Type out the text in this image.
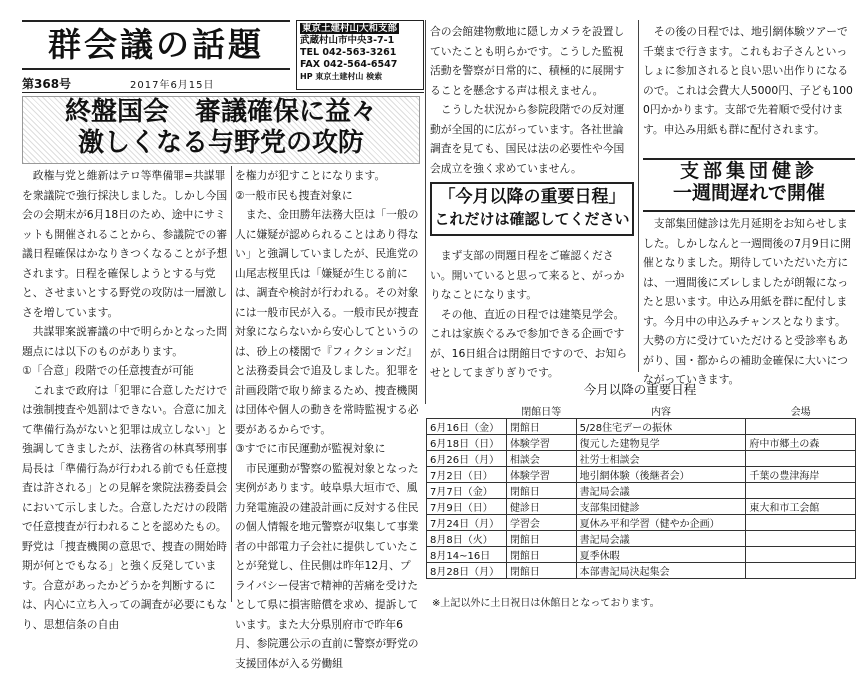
群会議の話題	東京土建村山大和支部
武蔵村山市中央3-7-1
TEL 042-563-3261
FAX 042-564-6547
HP 東京土建村山 検索
第368号	2017年6月15日
終盤国会　審議確保に益々
激しくなる与野党の攻防
　政権与党と維新はテロ等準備罪=共謀罪を衆議院で強行採決しました。しかし今国会の会期末が6月18日のため、途中にサミットも開催されることから、参議院での審議日程確保はかなりきつくなることが予想されます。日程を確保しようとする与党と、させまいとする野党の攻防は一層激しさを増しています。
　共謀罪案説審議の中で明らかとなった問題点には以下のものがあります。
①「合意」段階での任意捜査が可能
　これまで政府は「犯罪に合意しただけでは強制捜査や処罰はできない。合意に加えて準備行為がないと犯罪は成立しない」と強調してきましたが、法務省の林真琴刑事局長は「準備行為が行われる前でも任意捜査は許される」との見解を衆院法務委員会において示しました。合意しただけの段階で任意捜査が行われることを認めたもの。野党は「捜査機関の意思で、捜査の開始時期が何とでもなる」と強く反発しています。合意があったかどうかを判断するには、内心に立ち入っての調査が必要にもなり、思想信条の自由
を権力が犯すことになります。
②一般市民も捜査対象に
　また、金田勝年法務大臣は「一般の人に嫌疑が認められることはあり得ない」と強調していましたが、民進党の山尾志桜里氏は「嫌疑が生じる前には、調査や検討が行われる。その対象には一般市民が入る。一般市民が捜査対象にならないから安心してというのは、砂上の楼閣で『フィクションだ』と法務委員会で追及しました。犯罪を計画段階で取り締まるため、捜査機関は団体や個人の動きを常時監視する必要があるからです。
③すでに市民運動が監視対象に
　市民運動が警察の監視対象となった実例があります。岐阜県大垣市で、風力発電施設の建設計画に反対する住民の個人情報を地元警察が収集して事業者の中部電力子会社に提供していたことが発覚し、住民側は昨年12月、プライバシー侵害で精神的苦痛を受けたとして県に損害賠償を求め、提訴しています。また大分県別府市で昨年6月、参院選公示の直前に警察が野党の支援団体が入る労働組
合の会館建物敷地に隠しカメラを設置していたことも明らかです。こうした監視活動を警察が日常的に、積極的に展開することを懸念する声は根えません。
　こうした状況から参院段階での反対運動が全国的に広がっています。各社世論調査を見ても、国民は法の必要性や今国会成立を強く求めていません。
「今月以降の重要日程」
これだけは確認してください
　まず支部の問題日程をご確認ください。開いていると思って来ると、がっかりなことになります。
　その他、直近の日程では建築見学会。これは家族ぐるみで参加できる企画ですが、16日組合は閉館日ですので、お知らせとしてまぎりぎりです。
　その後の日程では、地引網体験ツアーで千葉まで行きます。これもお子さんといっしょに参加されると良い思い出作りになるので。これは会費大人5000円、子ども1000円かかります。支部で先着順で受付けます。申込み用紙も群に配付されます。
支部集団健診
一週間遅れで開催
　支部集団健診は先月延期をお知らせしました。しかしなんと一週間後の7月9日に開催となりました。期待していただいた方には、一週間後にズレしましたが朗報になったと思います。申込み用紙を群に配付します。今月中の申込みチャンスとなります。大勢の方に受けていただけると受診率もあがり、国・都からの補助金確保に大いにつながっていきます。
今月以降の重要日程
	閉館日等	内容	会場
6月16日（金）	閉館日	5/28住宅デーの振休	
6月18日（日）	体験学習	復元した建物見学	府中市郷土の森
6月26日（月）	相談会	社労士相談会	
7月2日（日）	体験学習	地引網体験（後継者会）	千葉の豊津海岸
7月7日（金）	閉館日	書記局会議	
7月9日（日）	健診日	支部集団健診	東大和市工会館
7月24日（月）	学習会	夏休み平和学習（健やか企画）	
8月8日（火）	閉館日	書記局会議	
8月14~16日	閉館日	夏季休暇	
8月28日（月）	閉館日	本部書記局決起集会	
※上記以外に土日祝日は休館日となっております。
